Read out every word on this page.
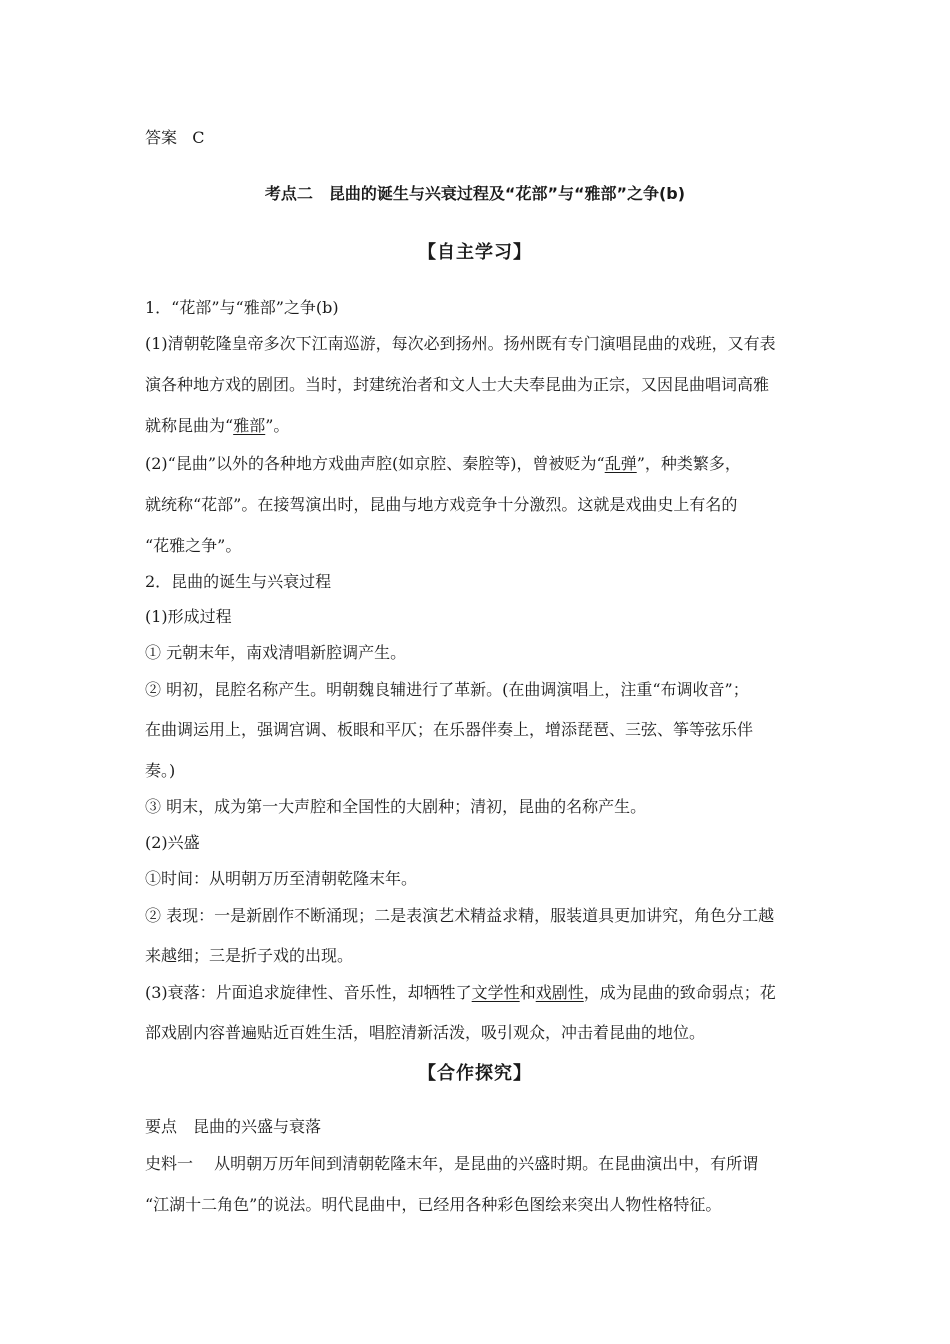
答案 C
考点二　昆曲的诞生与兴衰过程及“花部”与“雅部”之争(b)
【自主学习】
1．“花部”与“雅部”之争(b)
(1)清朝乾隆皇帝多次下江南巡游，每次必到扬州。扬州既有专门演唱昆曲的戏班，又有表
演各种地方戏的剧团。当时，封建统治者和文人士大夫奉昆曲为正宗，又因昆曲唱词高雅
就称昆曲为“雅部”。
(2)“昆曲”以外的各种地方戏曲声腔(如京腔、秦腔等)，曾被贬为“乱弹”，种类繁多，
就统称“花部”。在接驾演出时，昆曲与地方戏竞争十分激烈。这就是戏曲史上有名的
“花雅之争”。
2．昆曲的诞生与兴衰过程
(1)形成过程
① 元朝末年，南戏清唱新腔调产生。
② 明初，昆腔名称产生。明朝魏良辅进行了革新。(在曲调演唱上，注重“布调收音”；
在曲调运用上，强调宫调、板眼和平仄；在乐器伴奏上，增添琵琶、三弦、筝等弦乐伴
奏。)
③ 明末，成为第一大声腔和全国性的大剧种；清初，昆曲的名称产生。
(2)兴盛
①时间：从明朝万历至清朝乾隆末年。
② 表现：一是新剧作不断涌现；二是表演艺术精益求精，服装道具更加讲究，角色分工越
来越细；三是折子戏的出现。
(3)衰落：片面追求旋律性、音乐性，却牺牲了文学性和戏剧性，成为昆曲的致命弱点；花
部戏剧内容普遍贴近百姓生活，唱腔清新活泼，吸引观众，冲击着昆曲的地位。
【合作探究】
要点　昆曲的兴盛与衰落
史料一　 从明朝万历年间到清朝乾隆末年，是昆曲的兴盛时期。在昆曲演出中，有所谓
“江湖十二角色”的说法。明代昆曲中，已经用各种彩色图绘来突出人物性格特征。
